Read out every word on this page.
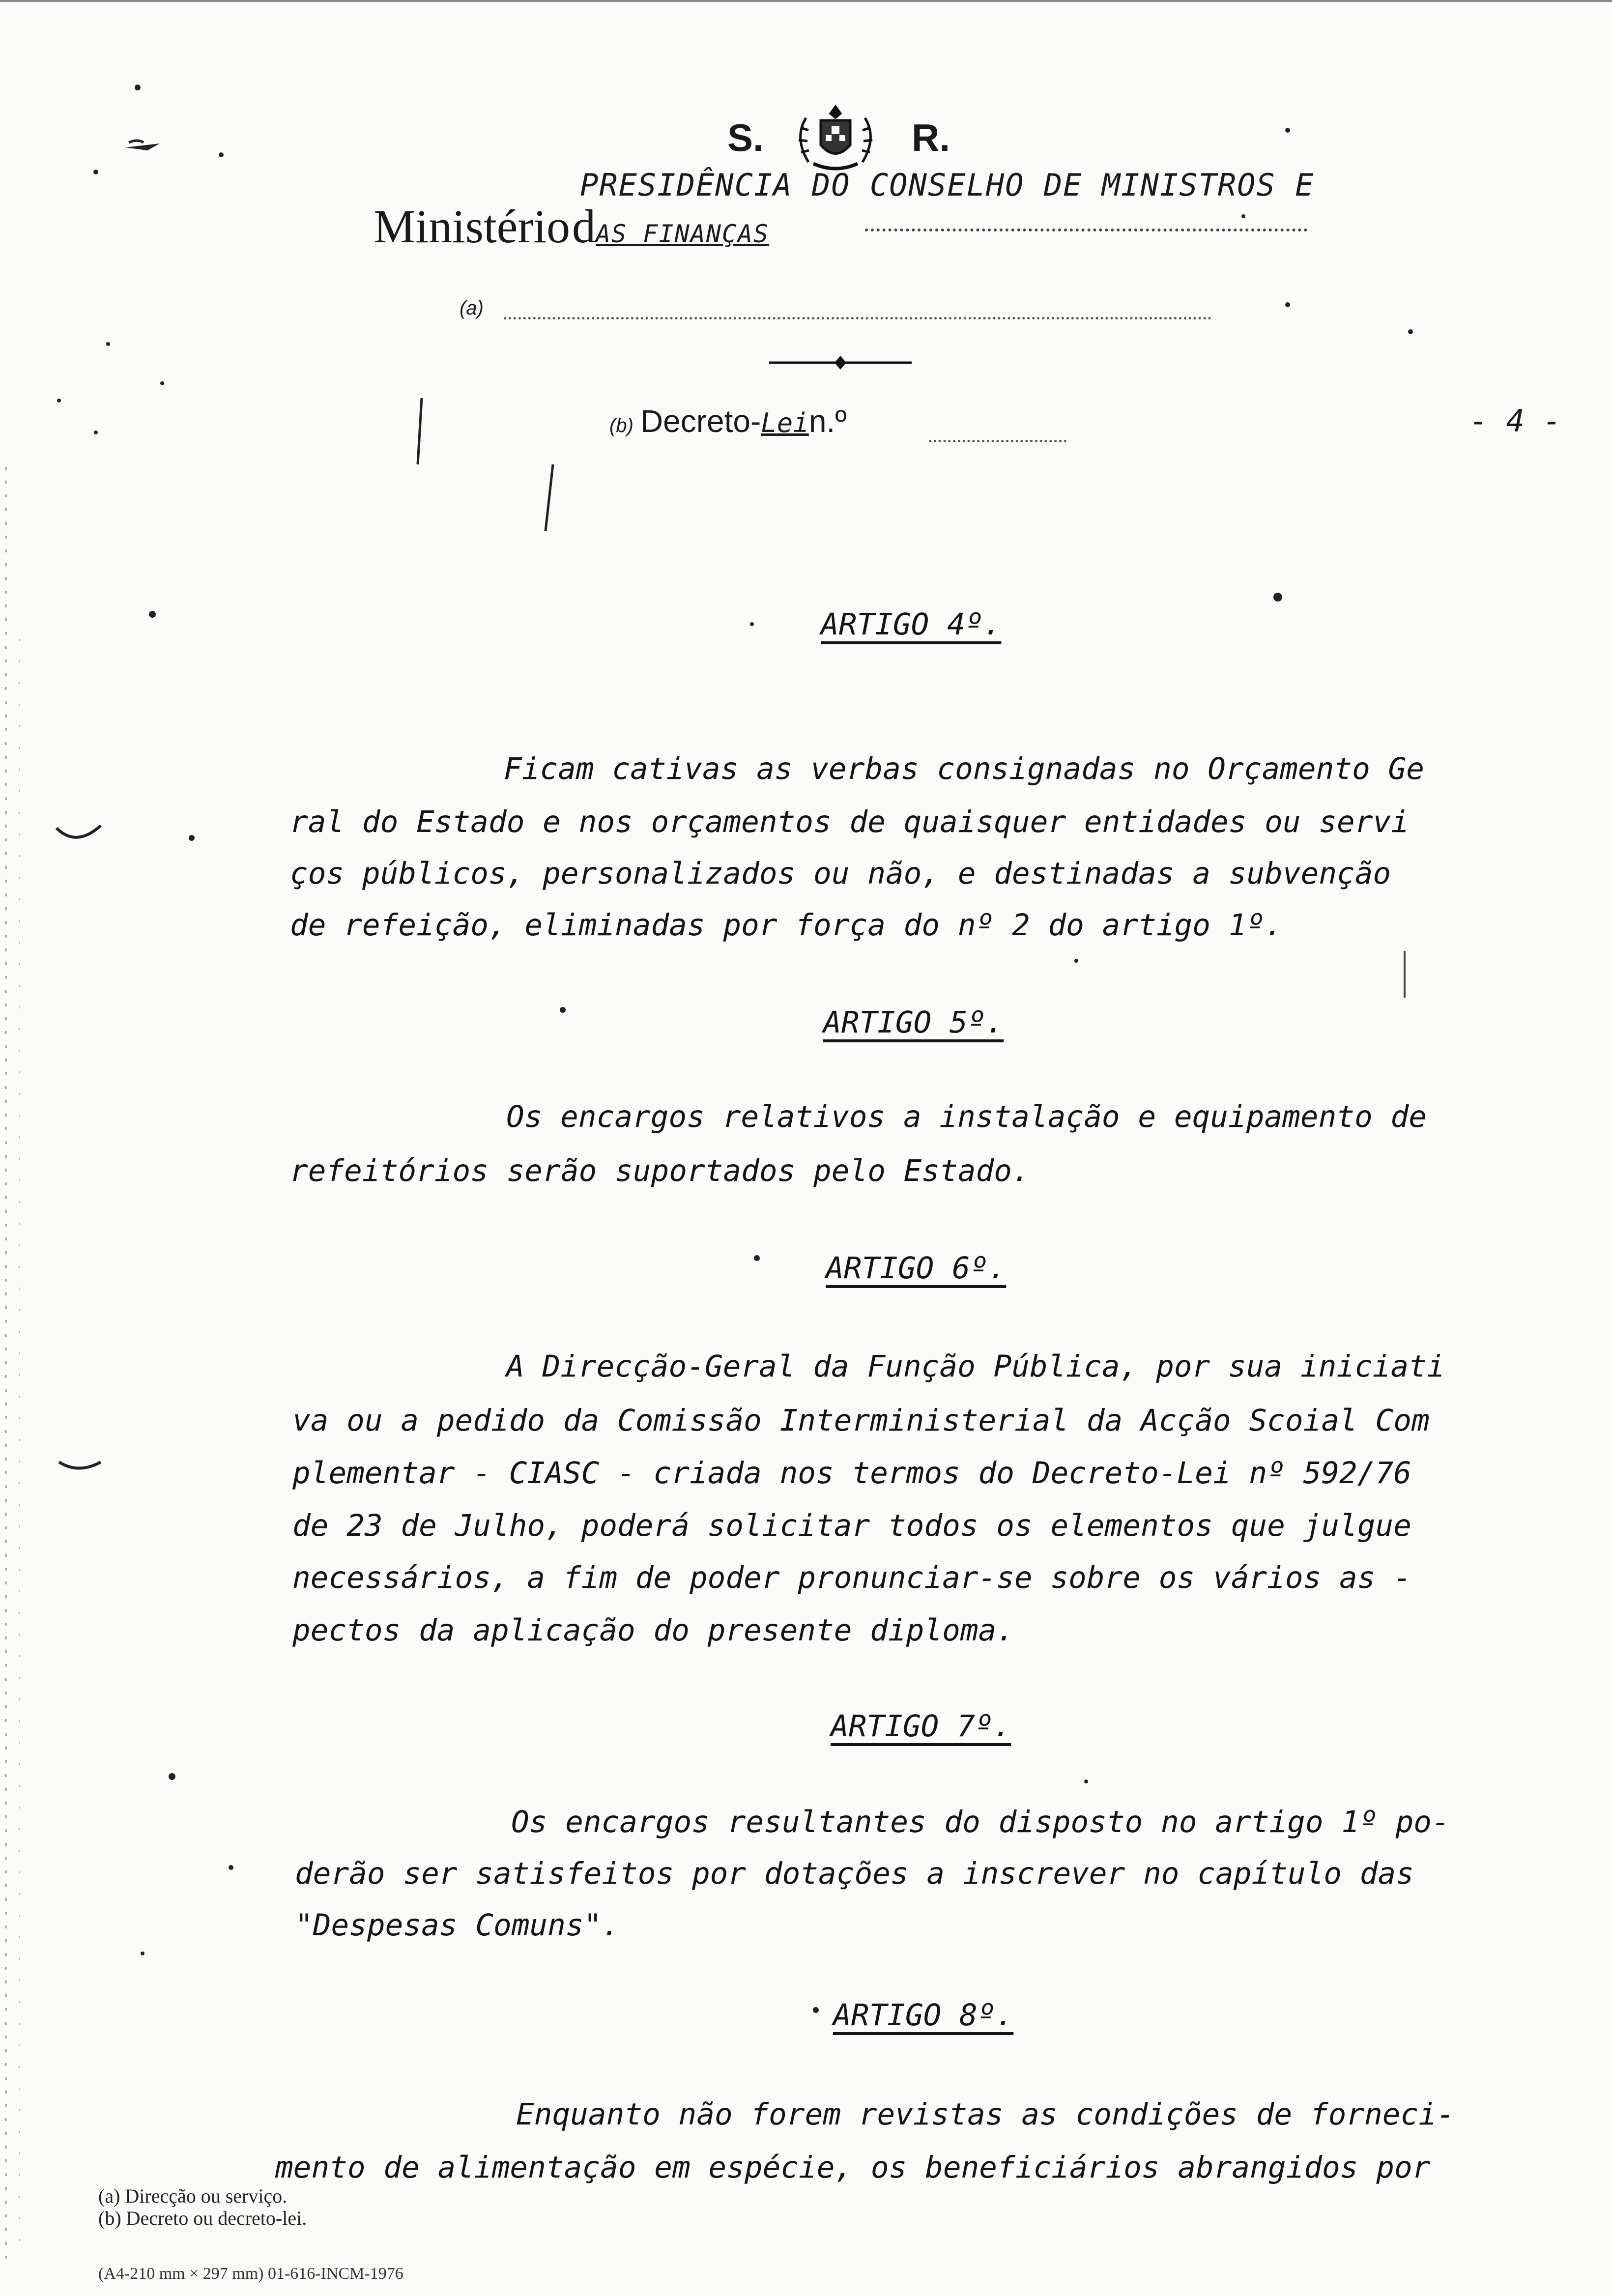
S.	R.
PRESIDÊNCIA DO CONSELHO DE MINISTROS E
Ministério dAS FINANÇAS
(a)
(b) Decreto-Lein.º	- 4 -
ARTIGO 4º.
Ficam cativas as verbas consignadas no Orçamento Ge
ral do Estado e nos orçamentos de quaisquer entidades ou servi
ços públicos, personalizados ou não, e destinadas a subvenção
de refeição, eliminadas por força do nº 2 do artigo 1º.
ARTIGO 5º.
Os encargos relativos a instalação e equipamento de
refeitórios serão suportados pelo Estado.
ARTIGO 6º.
A Direcção-Geral da Função Pública, por sua iniciati
va ou a pedido da Comissão Interministerial da Acção Scoial Com
plementar - CIASC - criada nos termos do Decreto-Lei nº 592/76
de 23 de Julho, poderá solicitar todos os elementos que julgue
necessários, a fim de poder pronunciar-se sobre os vários as -
pectos da aplicação do presente diploma.
ARTIGO 7º.
Os encargos resultantes do disposto no artigo 1º po-
derão ser satisfeitos por dotações a inscrever no capítulo das
"Despesas Comuns".
ARTIGO 8º.
Enquanto não forem revistas as condições de forneci-
mento de alimentação em espécie, os beneficiários abrangidos por
(a) Direcção ou serviço.
(b) Decreto ou decreto-lei.
(A4-210 mm × 297 mm) 01-616-INCM-1976
